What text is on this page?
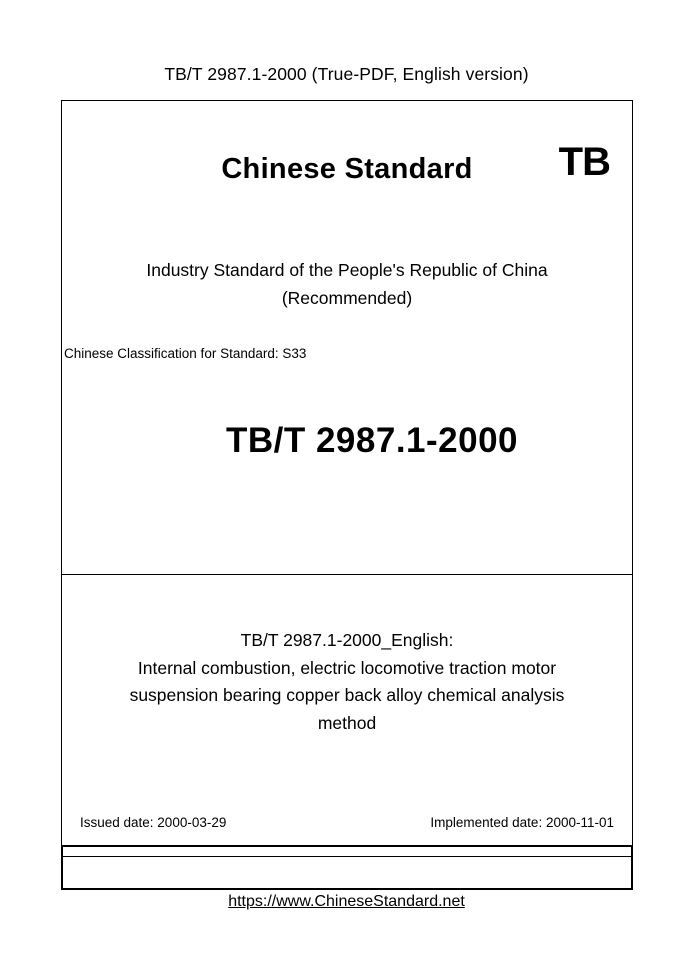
TB/T 2987.1-2000 (True-PDF, English version)
Chinese Standard	TB
Industry Standard of the People's Republic of China
(Recommended)
Chinese Classification for Standard: S33
TB/T 2987.1-2000
TB/T 2987.1-2000_English:
Internal combustion, electric locomotive traction motor
suspension bearing copper back alloy chemical analysis
method
Issued date: 2000-03-29	Implemented date: 2000-11-01
https://www.ChineseStandard.net
